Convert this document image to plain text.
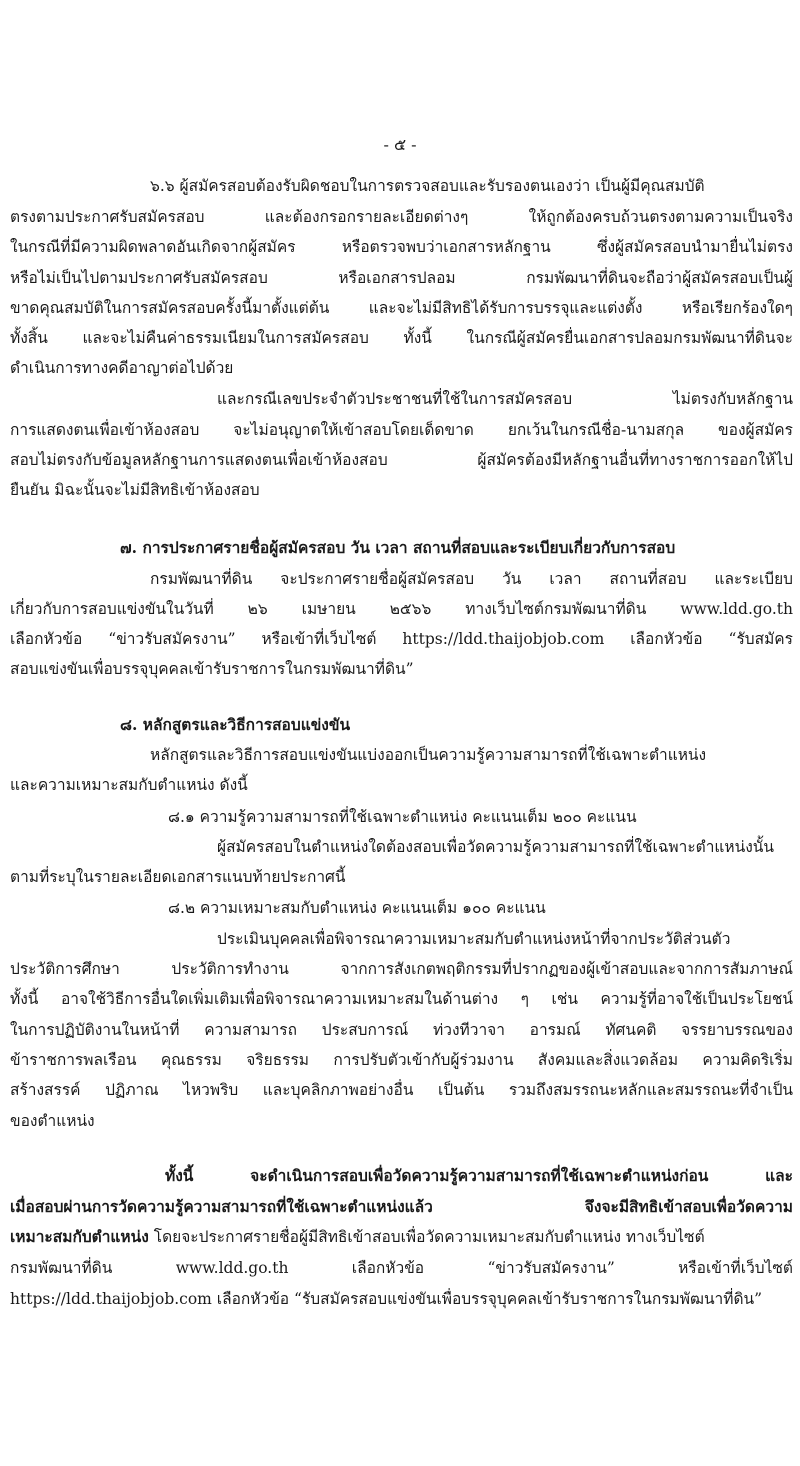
- ๕ -
๖.๖ ผู้สมัครสอบต้องรับผิดชอบในการตรวจสอบและรับรองตนเองว่า เป็นผู้มีคุณสมบัติ
ตรงตามประกาศรับสมัครสอบ และต้องกรอกรายละเอียดต่างๆ ให้ถูกต้องครบถ้วนตรงตามความเป็นจริง
ในกรณีที่มีความผิดพลาดอันเกิดจากผู้สมัคร หรือตรวจพบว่าเอกสารหลักฐาน ซึ่งผู้สมัครสอบนำมายื่นไม่ตรง
หรือไม่เป็นไปตามประกาศรับสมัครสอบ หรือเอกสารปลอม กรมพัฒนาที่ดินจะถือว่าผู้สมัครสอบเป็นผู้
ขาดคุณสมบัติในการสมัครสอบครั้งนี้มาตั้งแต่ต้น และจะไม่มีสิทธิได้รับการบรรจุและแต่งตั้ง หรือเรียกร้องใดๆ
ทั้งสิ้น และจะไม่คืนค่าธรรมเนียมในการสมัครสอบ ทั้งนี้ ในกรณีผู้สมัครยื่นเอกสารปลอมกรมพัฒนาที่ดินจะ
ดำเนินการทางคดีอาญาต่อไปด้วย
และกรณีเลขประจำตัวประชาชนที่ใช้ในการสมัครสอบ ไม่ตรงกับหลักฐาน
การแสดงตนเพื่อเข้าห้องสอบ จะไม่อนุญาตให้เข้าสอบโดยเด็ดขาด ยกเว้นในกรณีชื่อ-นามสกุล ของผู้สมัคร
สอบไม่ตรงกับข้อมูลหลักฐานการแสดงตนเพื่อเข้าห้องสอบ ผู้สมัครต้องมีหลักฐานอื่นที่ทางราชการออกให้ไป
ยืนยัน มิฉะนั้นจะไม่มีสิทธิเข้าห้องสอบ
๗. การประกาศรายชื่อผู้สมัครสอบ วัน เวลา สถานที่สอบและระเบียบเกี่ยวกับการสอบ
กรมพัฒนาที่ดิน จะประกาศรายชื่อผู้สมัครสอบ วัน เวลา สถานที่สอบ และระเบียบ
เกี่ยวกับการสอบแข่งขันในวันที่ ๒๖ เมษายน ๒๕๖๖ ทางเว็บไซต์กรมพัฒนาที่ดิน www.ldd.go.th
เลือกหัวข้อ “ข่าวรับสมัครงาน” หรือเข้าที่เว็บไซต์ https://ldd.thaijobjob.com เลือกหัวข้อ “รับสมัคร
สอบแข่งขันเพื่อบรรจุบุคคลเข้ารับราชการในกรมพัฒนาที่ดิน”
๘. หลักสูตรและวิธีการสอบแข่งขัน
หลักสูตรและวิธีการสอบแข่งขันแบ่งออกเป็นความรู้ความสามารถที่ใช้เฉพาะตำแหน่ง
และความเหมาะสมกับตำแหน่ง ดังนี้
๘.๑ ความรู้ความสามารถที่ใช้เฉพาะตำแหน่ง คะแนนเต็ม ๒๐๐ คะแนน
ผู้สมัครสอบในตำแหน่งใดต้องสอบเพื่อวัดความรู้ความสามารถที่ใช้เฉพาะตำแหน่งนั้น
ตามที่ระบุในรายละเอียดเอกสารแนบท้ายประกาศนี้
๘.๒ ความเหมาะสมกับตำแหน่ง คะแนนเต็ม ๑๐๐ คะแนน
ประเมินบุคคลเพื่อพิจารณาความเหมาะสมกับตำแหน่งหน้าที่จากประวัติส่วนตัว
ประวัติการศึกษา ประวัติการทำงาน จากการสังเกตพฤติกรรมที่ปรากฏของผู้เข้าสอบและจากการสัมภาษณ์
ทั้งนี้ อาจใช้วิธีการอื่นใดเพิ่มเติมเพื่อพิจารณาความเหมาะสมในด้านต่าง ๆ เช่น ความรู้ที่อาจใช้เป็นประโยชน์
ในการปฏิบัติงานในหน้าที่ ความสามารถ ประสบการณ์ ท่วงทีวาจา อารมณ์ ทัศนคติ จรรยาบรรณของ
ข้าราชการพลเรือน คุณธรรม จริยธรรม การปรับตัวเข้ากับผู้ร่วมงาน สังคมและสิ่งแวดล้อม ความคิดริเริ่ม
สร้างสรรค์ ปฏิภาณ ไหวพริบ และบุคลิกภาพอย่างอื่น เป็นต้น รวมถึงสมรรถนะหลักและสมรรถนะที่จำเป็น
ของตำแหน่ง
ทั้งนี้ จะดำเนินการสอบเพื่อวัดความรู้ความสามารถที่ใช้เฉพาะตำแหน่งก่อน และ
เมื่อสอบผ่านการวัดความรู้ความสามารถที่ใช้เฉพาะตำแหน่งแล้ว จึงจะมีสิทธิเข้าสอบเพื่อวัดความ
เหมาะสมกับตำแหน่ง โดยจะประกาศรายชื่อผู้มีสิทธิเข้าสอบเพื่อวัดความเหมาะสมกับตำแหน่ง ทางเว็บไซต์
กรมพัฒนาที่ดิน www.ldd.go.th เลือกหัวข้อ “ข่าวรับสมัครงาน” หรือเข้าที่เว็บไซต์
https://ldd.thaijobjob.com เลือกหัวข้อ “รับสมัครสอบแข่งขันเพื่อบรรจุบุคคลเข้ารับราชการในกรมพัฒนาที่ดิน”
